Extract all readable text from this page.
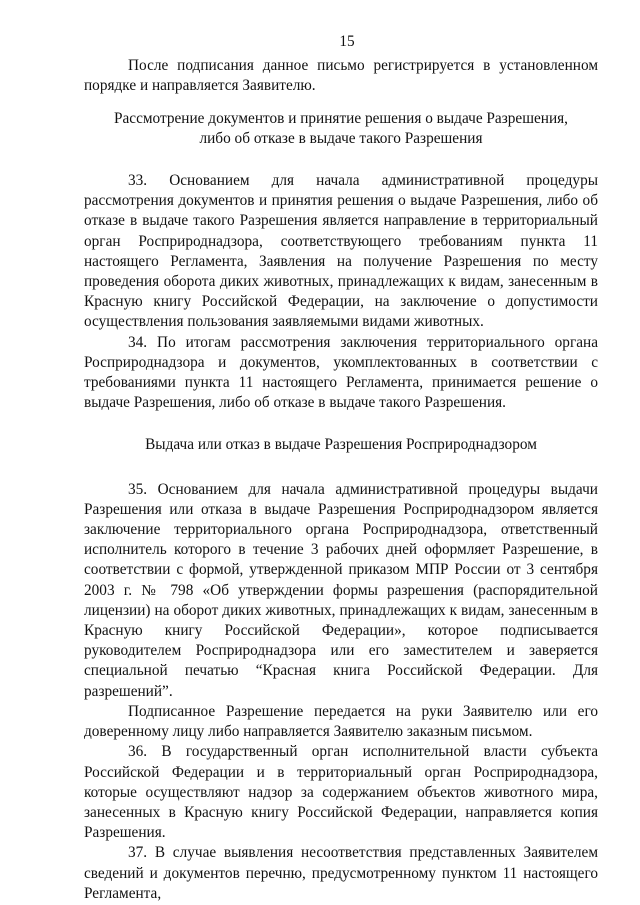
15

После подписания данное письмо регистрируется в установленном порядке и направляется Заявителю.

Рассмотрение документов и принятие решения о выдаче Разрешения,

либо об отказе в выдаче такого Разрешения

33. Основанием для начала административной процедуры рассмотрения документов и принятия решения о выдаче Разрешения, либо об отказе в выдаче такого Разрешения является направление в территориальный орган Росприроднадзора, соответствующего требованиям пункта 11 настоящего Регламента, Заявления на получение Разрешения по месту проведения оборота диких животных, принадлежащих к видам, занесенным в Красную книгу Российской Федерации, на заключение о допустимости осуществления пользования заявляемыми видами животных.

34. По итогам рассмотрения заключения территориального органа Росприроднадзора и документов, укомплектованных в соответствии с требованиями пункта 11 настоящего Регламента, принимается решение о выдаче Разрешения, либо об отказе в выдаче такого Разрешения.

Выдача или отказ в выдаче Разрешения Росприроднадзором

35. Основанием для начала административной процедуры выдачи Разрешения или отказа в выдаче Разрешения Росприроднадзором является заключение территориального органа Росприроднадзора, ответственный исполнитель которого в течение 3 рабочих дней оформляет Разрешение, в соответствии с формой, утвержденной приказом МПР России от 3 сентября 2003 г. № 798 «Об утверждении формы разрешения (распорядительной лицензии) на оборот диких животных, принадлежащих к видам, занесенным в Красную книгу Российской Федерации», которое подписывается руководителем Росприроднадзора или его заместителем и заверяется специальной печатью “Красная книга Российской Федерации. Для разрешений”.

Подписанное Разрешение передается на руки Заявителю или его доверенному лицу либо направляется Заявителю заказным письмом.

36. В государственный орган исполнительной власти субъекта Российской Федерации и в территориальный орган Росприроднадзора, которые осуществляют надзор за содержанием объектов животного мира, занесенных в Красную книгу Российской Федерации, направляется копия Разрешения.

37. В случае выявления несоответствия представленных Заявителем сведений и документов перечню, предусмотренному пунктом 11 настоящего Регламента,
